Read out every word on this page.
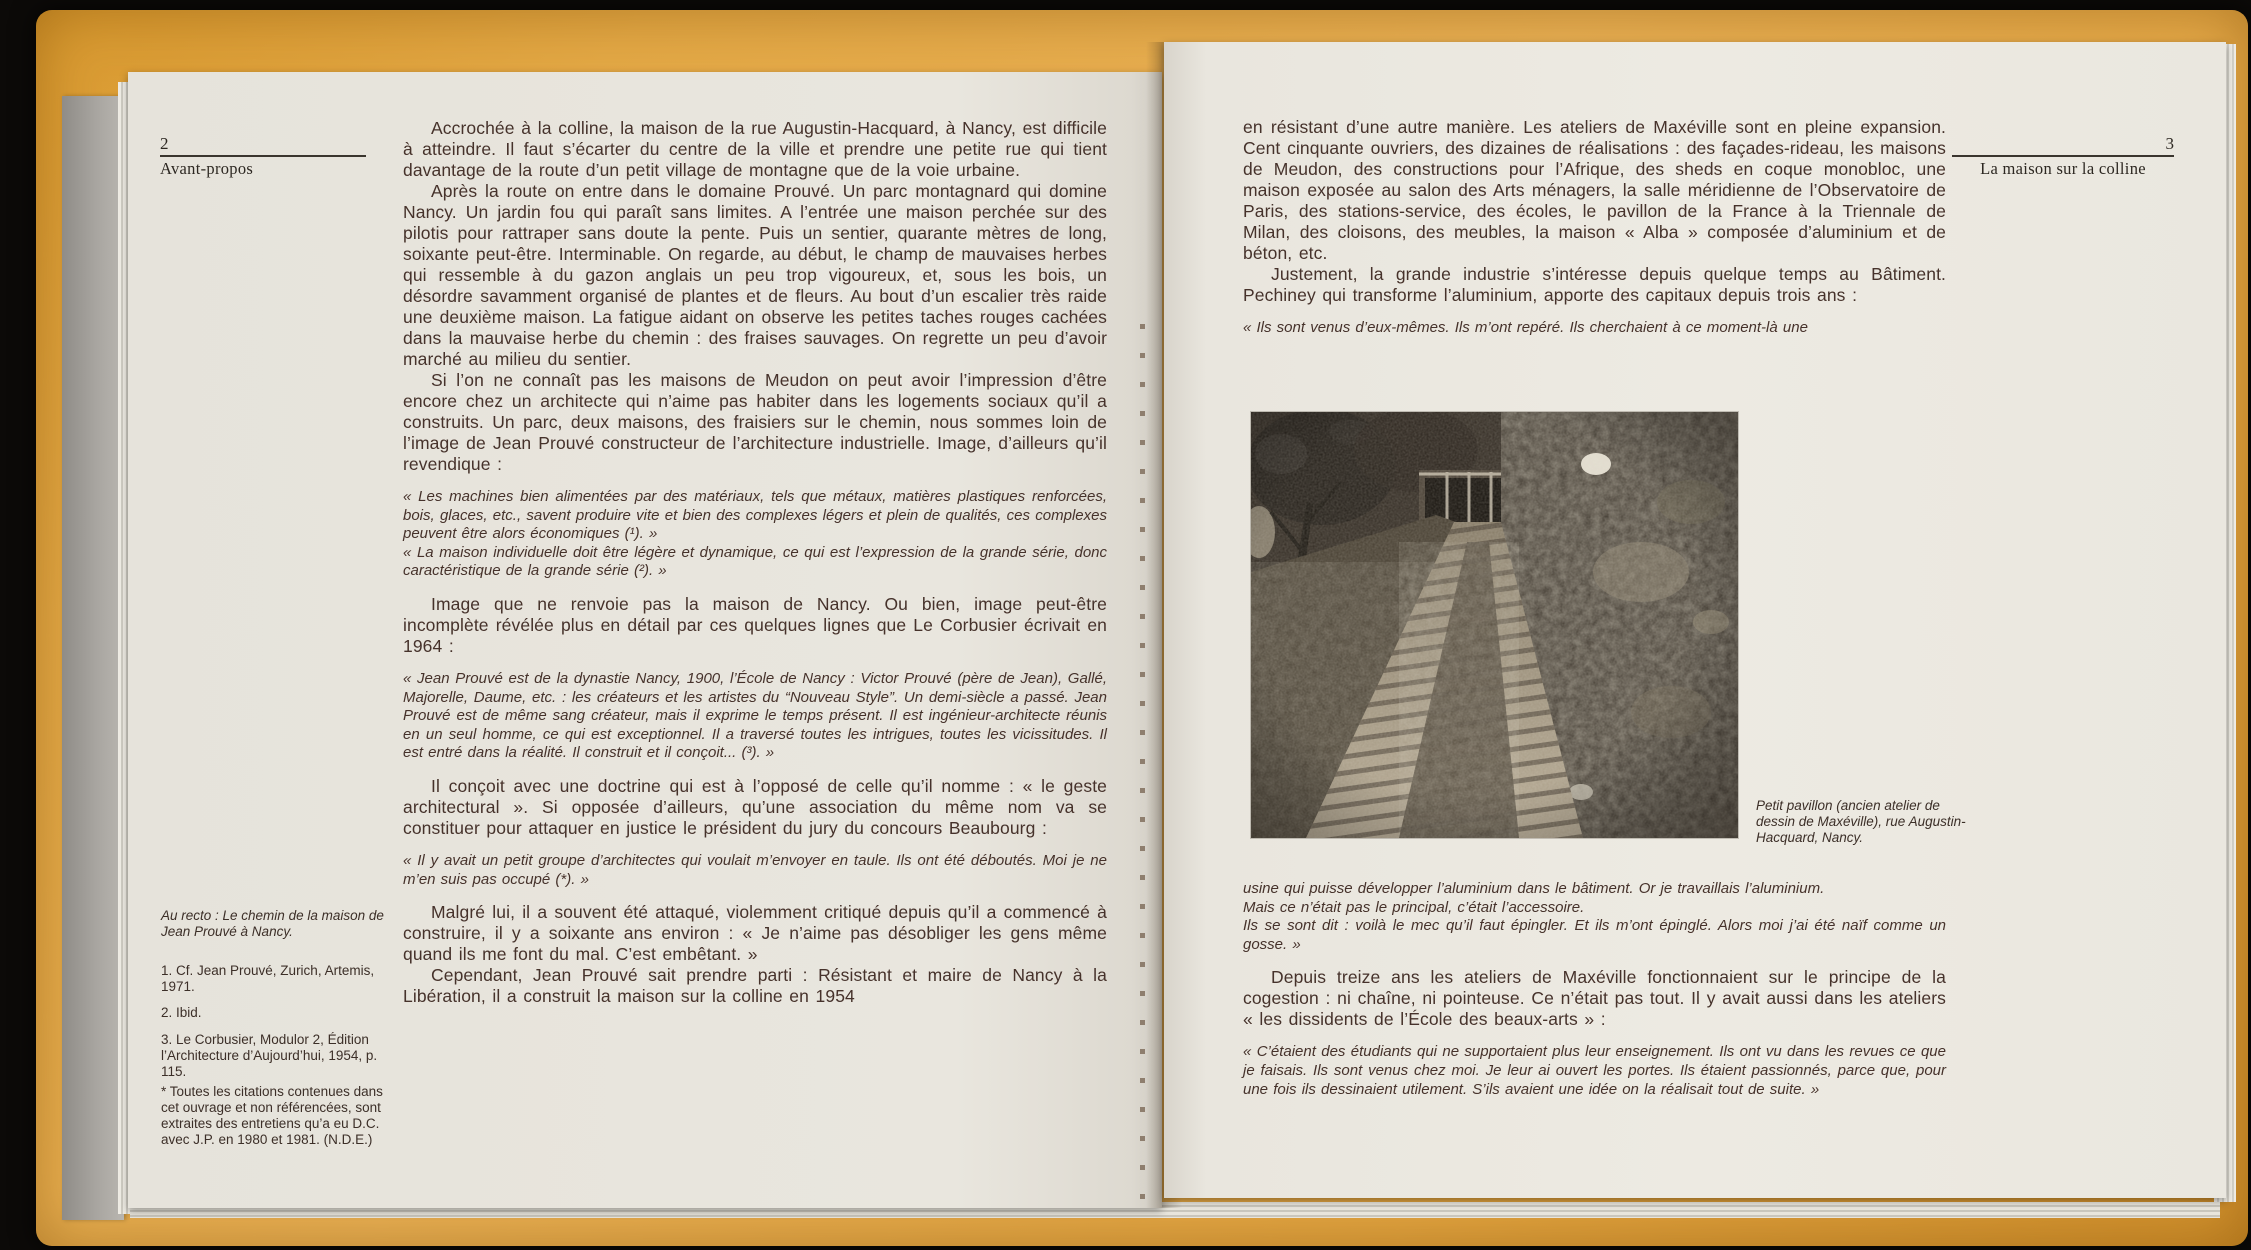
2
Avant-propos

Accrochée à la colline, la maison de la rue Augustin-Hacquard, à Nancy, est difficile à atteindre. Il faut s’écarter du centre de la ville et prendre une petite rue qui tient davantage de la route d’un petit village de montagne que de la voie urbaine.

Après la route on entre dans le domaine Prouvé. Un parc montagnard qui domine Nancy. Un jardin fou qui paraît sans limites. A l’entrée une maison perchée sur des pilotis pour rattraper sans doute la pente. Puis un sentier, quarante mètres de long, soixante peut-être. Interminable. On regarde, au début, le champ de mauvaises herbes qui ressemble à du gazon anglais un peu trop vigoureux, et, sous les bois, un désordre savamment organisé de plantes et de fleurs. Au bout d’un escalier très raide une deuxième maison. La fatigue aidant on observe les petites taches rouges cachées dans la mauvaise herbe du chemin : des fraises sauvages. On regrette un peu d’avoir marché au milieu du sentier.

Si l’on ne connaît pas les maisons de Meudon on peut avoir l’impression d’être encore chez un architecte qui n’aime pas habiter dans les logements sociaux qu’il a construits. Un parc, deux maisons, des fraisiers sur le chemin, nous sommes loin de l’image de Jean Prouvé constructeur de l’architecture industrielle. Image, d’ailleurs qu’il revendique :

« Les machines bien alimentées par des matériaux, tels que métaux, matières plastiques renforcées, bois, glaces, etc., savent produire vite et bien des complexes légers et plein de qualités, ces complexes peuvent être alors économiques (¹). »

« La maison individuelle doit être légère et dynamique, ce qui est l’expression de la grande série, donc caractéristique de la grande série (²). »

Image que ne renvoie pas la maison de Nancy. Ou bien, image peut-être incomplète révélée plus en détail par ces quelques lignes que Le Corbusier écrivait en 1964 :

« Jean Prouvé est de la dynastie Nancy, 1900, l’École de Nancy : Victor Prouvé (père de Jean), Gallé, Majorelle, Daume, etc. : les créateurs et les artistes du “Nouveau Style”. Un demi-siècle a passé. Jean Prouvé est de même sang créateur, mais il exprime le temps présent. Il est ingénieur-architecte réunis en un seul homme, ce qui est exceptionnel. Il a traversé toutes les intrigues, toutes les vicissitudes. Il est entré dans la réalité. Il construit et il conçoit... (³). »

Il conçoit avec une doctrine qui est à l’opposé de celle qu’il nomme : « le geste architectural ». Si opposée d’ailleurs, qu’une association du même nom va se constituer pour attaquer en justice le président du jury du concours Beaubourg :

« Il y avait un petit groupe d’architectes qui voulait m’envoyer en taule. Ils ont été déboutés. Moi je ne m’en suis pas occupé (*). »

Malgré lui, il a souvent été attaqué, violemment critiqué depuis qu’il a commencé à construire, il y a soixante ans environ : « Je n’aime pas désobliger les gens même quand ils me font du mal. C’est embêtant. »

Cependant, Jean Prouvé sait prendre parti : Résistant et maire de Nancy à la Libération, il a construit la maison sur la colline en 1954

Au recto : Le chemin de la maison de Jean Prouvé à Nancy.

1. Cf. Jean Prouvé, Zurich, Artemis, 1971.

2. Ibid.

3. Le Corbusier, Modulor 2, Édition l’Architecture d’Aujourd’hui, 1954, p. 115.

* Toutes les citations contenues dans cet ouvrage et non référencées, sont extraites des entretiens qu’a eu D.C. avec J.P. en 1980 et 1981. (N.D.E.)

3
La maison sur la colline

en résistant d’une autre manière. Les ateliers de Maxéville sont en pleine expansion. Cent cinquante ouvriers, des dizaines de réalisations : des façades-rideau, les maisons de Meudon, des constructions pour l’Afrique, des sheds en coque monobloc, une maison exposée au salon des Arts ménagers, la salle méridienne de l’Observatoire de Paris, des stations-service, des écoles, le pavillon de la France à la Triennale de Milan, des cloisons, des meubles, la maison « Alba » composée d’aluminium et de béton, etc.

Justement, la grande industrie s’intéresse depuis quelque temps au Bâtiment. Pechiney qui transforme l’aluminium, apporte des capitaux depuis trois ans :

« Ils sont venus d’eux-mêmes. Ils m’ont repéré. Ils cherchaient à ce moment-là une

Petit pavillon (ancien atelier de dessin de Maxéville), rue Augustin-Hacquard, Nancy.

usine qui puisse développer l’aluminium dans le bâtiment. Or je travaillais l’aluminium.

Mais ce n’était pas le principal, c’était l’accessoire.

Ils se sont dit : voilà le mec qu’il faut épingler. Et ils m’ont épinglé. Alors moi j’ai été naïf comme un gosse. »

Depuis treize ans les ateliers de Maxéville fonctionnaient sur le principe de la cogestion : ni chaîne, ni pointeuse. Ce n’était pas tout. Il y avait aussi dans les ateliers « les dissidents de l’École des beaux-arts » :

« C’étaient des étudiants qui ne supportaient plus leur enseignement. Ils ont vu dans les revues ce que je faisais. Ils sont venus chez moi. Je leur ai ouvert les portes. Ils étaient passionnés, parce que, pour une fois ils dessinaient utilement. S’ils avaient une idée on la réalisait tout de suite. »
